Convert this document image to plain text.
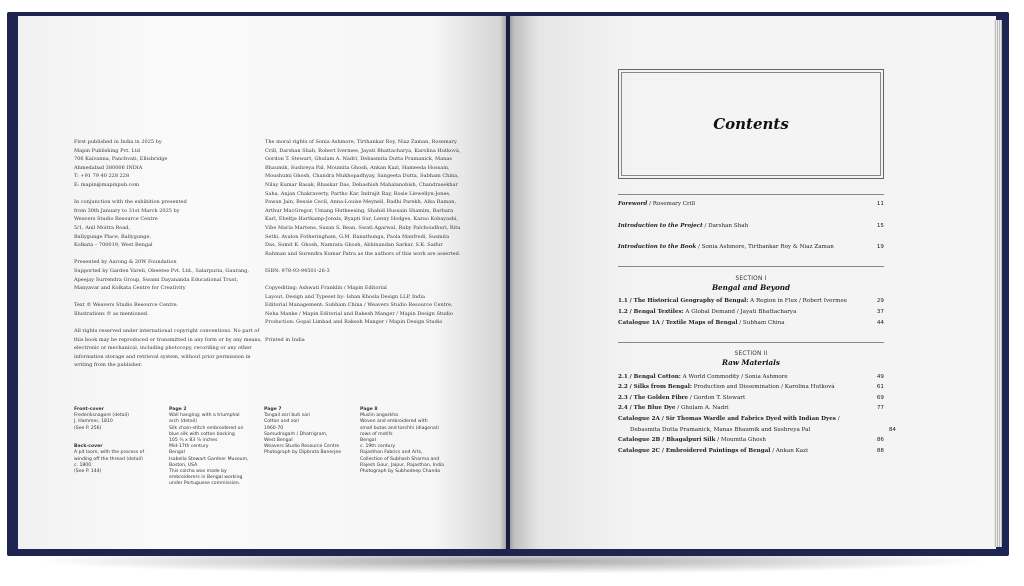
First published in India in 2025 by
Mapin Publishing Pvt. Ltd
706 Kaivanna, Panchvati, Ellisbridge
Ahmedabad 380006 INDIA
T: +91 79 40 228 228
E: mapin@mapinpub.com

In conjunction with the exhibition presented
from 30th January to 31st March 2025 by
Weavers Studio Resource Centre
5/1, Anil Moitra Road,
Ballygunge Place, Ballygunge,
Kolkata – 700019, West Bengal

Presented by Aarong & 20W Foundation
Supported by Garden Vareli, Obeetee Pvt. Ltd., Salarpuria, Gaurang,
Apeejay Surrendra Group, Swami Dayananda Educational Trust,
Manyavar and Kolkata Centre for Creativity

Text © Weavers Studio Resource Centre.
Illustrations © as mentioned.

All rights reserved under international copyright conventions. No part of
this book may be reproduced or transmitted in any form or by any means,
electronic or mechanical, including photocopy, recording or any other
information storage and retrieval system, without prior permission in
writing from the publisher.
The moral rights of Sonia Ashmore, Tirthankar Roy, Niaz Zaman, Rosemary
Crill, Darshan Shah, Robert Ivermee, Jayati Bhattacharya, Karolina Hutková,
Gordon T. Stewart, Ghulam A. Nadri, Debasmita Dutta Pramanick, Manas
Bhaumik, Sushreya Pal, Moumita Ghosh, Ankan Kazi, Hameeda Hossain,
Moushumi Ghosh, Chandra Mukhopadhyay, Sangeeta Dutta, Subham China,
Nilay Kumar Basak, Bhaskar Das, Debashish Mahalanobish, Chandrasekhar
Saha, Anjan Chakraverty, Partho Kar, Indrajit Ray, Rosie Llewellyn-Jones,
Pawan Jain, Bessie Cecil, Anna-Louise Meynell, Radhi Parekh, Alka Raman,
Arthur MacGregor, Umang Hutheesing, Shahid Hussain Shamim, Barbara
Karl, Ebeltje Hartkamp-Jonxis, Byapti Sur, Lenny Hodges, Kazuo Kobayashi,
Vibe Maria Martens, Susan S. Bean, Swati Agarwal, Ruby Palchoudhuri, Ritu
Sethi, Avalon Fotheringham, G.M. Ranathunga, Paola Manfredi, Susmita
Das, Sumit K. Ghosh, Namrata Ghosh, Abhinandan Sarkar, S.K. Saifur
Rahman and Surendra Kumar Patra as the authors of this work are asserted.

ISBN: 978-93-94501-26-3

Copyediting: Ashwati Franklin / Mapin Editorial
Layout, Design and Typeset by: Ishan Khosla Design LLP, India
Editorial Management: Subham China / Weavers Studio Resource Centre,
Neha Manke / Mapin Editorial and Rakesh Manger / Mapin Design Studio
Production: Gopal Limbad and Rakesh Manger / Mapin Design Studio

Printed in India
Front-cover
Frederiksnagore (detail)
J. Hammer, 1810
(See P. 256)

Back-cover
A pit loom, with the process of
winding off the thread (detail)
c. 1800
(See P. 144)
Page 2
Wall hanging; with a triumphal
arch (detail)
Silk chain-stitch embroidered on
blue silk with cotton backing
105 ¾ x 83 ⅞ inches
Mid-17th century
Bengal
Isabella Stewart Gardner Museum,
Boston, USA
This colcha was made by
embroiderers in Bengal working
under Portuguese commission.
Page 7
Tangail zori buti sari
Cotton and zori
1960-70
Samudragarh / Dhatrigram,
West Bengal
Weavers Studio Resource Centre
Photograph by Dipbrata Banerjee
Page 8
Muslin angarkha
Woven and embroidered with
small butas and tarchhi (diagonal)
rows of motifs
Bengal
c. 19th century
Rajasthan Fabrics and Arts,
Collection of Subhash Sharma and
Rajesh Gour, Jaipur, Rajasthan, India
Photograph by Subhodeep Chanda
Contents
Foreword / Rosemary Crill	11
Introduction to the Project / Darshan Shah	15
Introduction to the Book / Sonia Ashmore, Tirthankar Roy & Niaz Zaman	19
SECTION I
Bengal and Beyond
1.1 / The Historical Geography of Bengal: A Region in Flux / Robert Ivermee	29
1.2 / Bengal Textiles: A Global Demand / Jayati Bhattacharya	37
Catalogue 1A / Textile Maps of Bengal / Subham China	44
SECTION II
Raw Materials
2.1 / Bengal Cotton: A World Commodity / Sonia Ashmore	49
2.2 / Silks from Bengal: Production and Dissemination / Karolina Hutková	61
2.3 / The Golden Fibre / Gordon T. Stewart	69
2.4 / The Blue Dye / Ghulam A. Nadri	77
Catalogue 2A / Sir Thomas Wardle and Fabrics Dyed with Indian Dyes /
Debasmita Dutta Pramanick, Manas Bhaumik and Sushreya Pal	84
Catalogue 2B / Bhagalpuri Silk / Moumita Ghosh	86
Catalogue 2C / Embroidered Paintings of Bengal / Ankan Kazi	88
